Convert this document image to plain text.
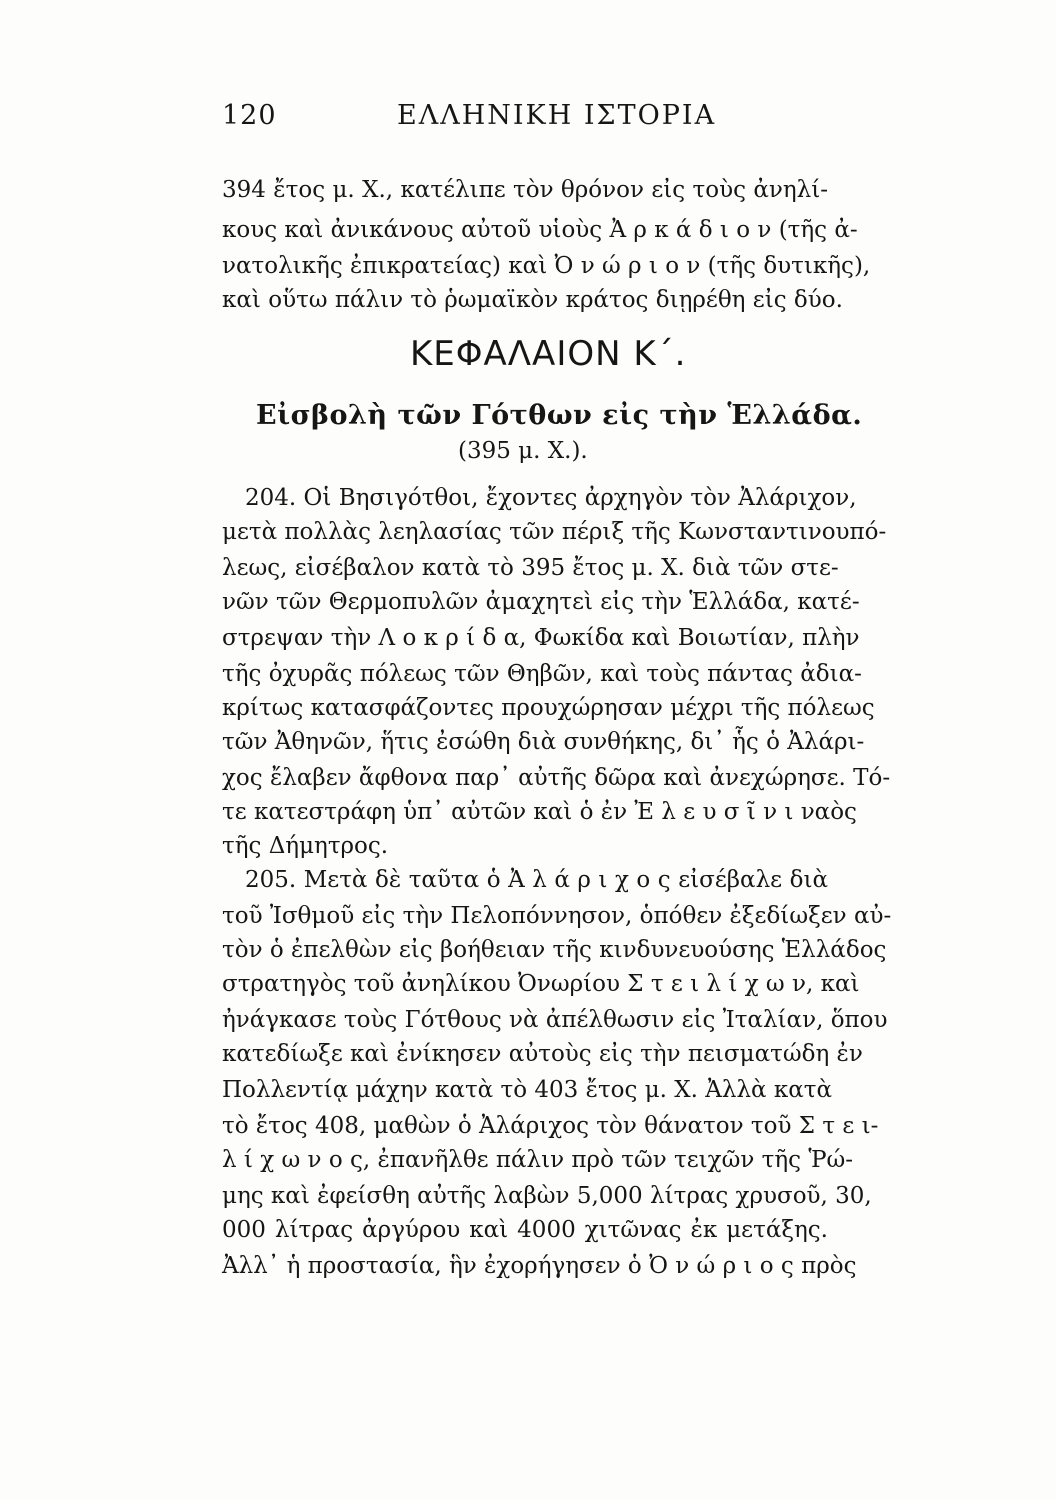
120	ΕΛΛΗΝΙΚΗ ΙΣΤΟΡΙΑ
394 ἔτος μ. Χ., κατέλιπε τὸν θρόνον εἰς τοὺς ἀνηλί-
κους καὶ ἀνικάνους αὐτοῦ υἱοὺς Ἀ ρ κ ά δ ι ο ν (τῆς ἀ-
νατολικῆς ἐπικρατείας) καὶ Ὀ ν ώ ρ ι ο ν (τῆς δυτικῆς),
καὶ οὕτω πάλιν τὸ ῥωμαϊκὸν κράτος διῃρέθη εἰς δύο.
ΚΕΦΑΛΑΙΟΝ Κ΄.
Εἰσβολὴ τῶν Γότθων εἰς τὴν Ἑλλάδα.
(395 μ. Χ.).
204. Οἱ Βησιγότθοι, ἔχοντες ἀρχηγὸν τὸν Ἀλάριχον,
μετὰ πολλὰς λεηλασίας τῶν πέριξ τῆς Κωνσταντινουπό-
λεως, εἰσέβαλον κατὰ τὸ 395 ἔτος μ. Χ. διὰ τῶν στε-
νῶν τῶν Θερμοπυλῶν ἀμαχητεὶ εἰς τὴν Ἑλλάδα, κατέ-
στρεψαν τὴν Λ ο κ ρ ί δ α, Φωκίδα καὶ Βοιωτίαν, πλὴν
τῆς ὀχυρᾶς πόλεως τῶν Θηβῶν, καὶ τοὺς πάντας ἀδια-
κρίτως κατασφάζοντες προυχώρησαν μέχρι τῆς πόλεως
τῶν Ἀθηνῶν, ἥτις ἐσώθη διὰ συνθήκης, δι᾽ ἧς ὁ Ἀλάρι-
χος ἔλαβεν ἄφθονα παρ᾽ αὐτῆς δῶρα καὶ ἀνεχώρησε. Τό-
τε κατεστράφη ὑπ᾽ αὐτῶν καὶ ὁ ἐν Ἐ λ ε υ σ ῖ ν ι ναὸς
τῆς Δήμητρος.
205. Μετὰ δὲ ταῦτα ὁ Ἀ λ ά ρ ι χ ο ς εἰσέβαλε διὰ
τοῦ Ἰσθμοῦ εἰς τὴν Πελοπόννησον, ὁπόθεν ἐξεδίωξεν αὐ-
τὸν ὁ ἐπελθὼν εἰς βοήθειαν τῆς κινδυνευούσης Ἑλλάδος
στρατηγὸς τοῦ ἀνηλίκου Ὀνωρίου Σ τ ε ι λ ί χ ω ν, καὶ
ἠνάγκασε τοὺς Γότθους νὰ ἀπέλθωσιν εἰς Ἰταλίαν, ὅπου
κατεδίωξε καὶ ἐνίκησεν αὐτοὺς εἰς τὴν πεισματώδη ἐν
Πολλεντίᾳ μάχην κατὰ τὸ 403 ἔτος μ. Χ. Ἀλλὰ κατὰ
τὸ ἔτος 408, μαθὼν ὁ Ἀλάριχος τὸν θάνατον τοῦ Σ τ ε ι-
λ ί χ ω ν ο ς, ἐπανῆλθε πάλιν πρὸ τῶν τειχῶν τῆς Ῥώ-
μης καὶ ἐφείσθη αὐτῆς λαβὼν 5,000 λίτρας χρυσοῦ, 30,
000 λίτρας ἀργύρου καὶ 4000 χιτῶνας ἐκ μετάξης.
Ἀλλ᾽ ἡ προστασία, ἣν ἐχορήγησεν ὁ Ὀ ν ώ ρ ι ο ς πρὸς
